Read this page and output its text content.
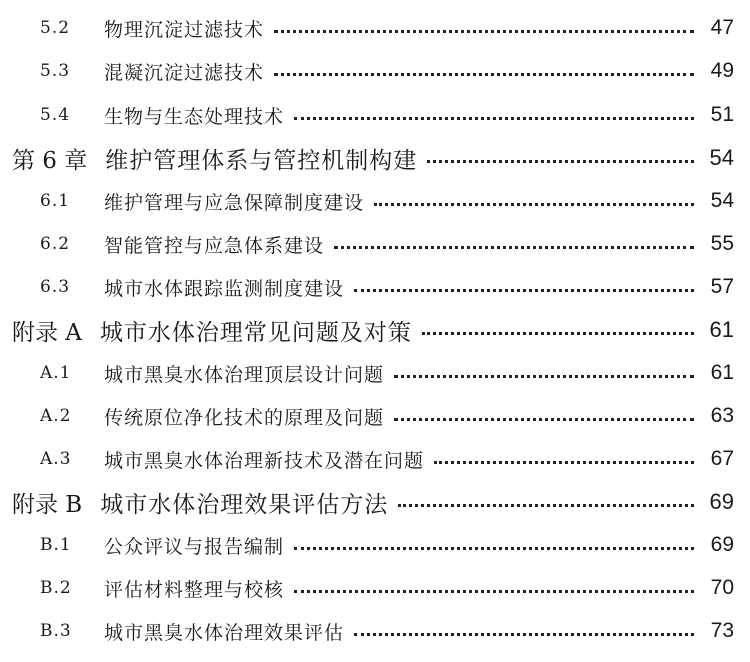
5.2	物理沉淀过滤技术	47
5.3	混凝沉淀过滤技术	49
5.4	生物与生态处理技术	51
第 6 章 维护管理体系与管控机制构建	54
6.1	维护管理与应急保障制度建设	54
6.2	智能管控与应急体系建设	55
6.3	城市水体跟踪监测制度建设	57
附录 A 城市水体治理常见问题及对策	61
A.1	城市黑臭水体治理顶层设计问题	61
A.2	传统原位净化技术的原理及问题	63
A.3	城市黑臭水体治理新技术及潜在问题	67
附录 B 城市水体治理效果评估方法	69
B.1	公众评议与报告编制	69
B.2	评估材料整理与校核	70
B.3	城市黑臭水体治理效果评估	73
